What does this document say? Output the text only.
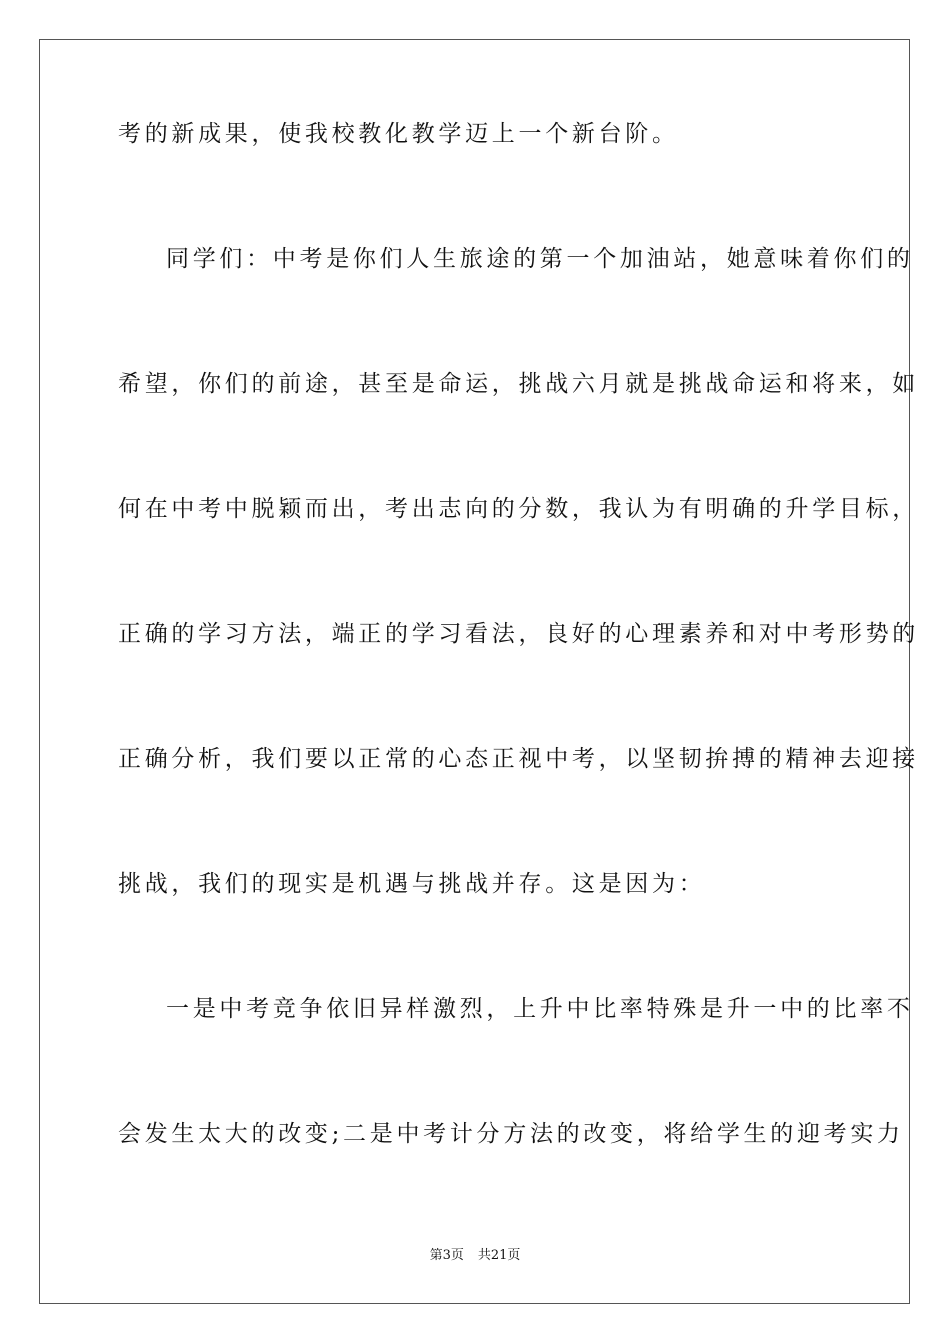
考的新成果，使我校教化教学迈上一个新台阶。
同学们：中考是你们人生旅途的第一个加油站，她意味着你们的
希望，你们的前途，甚至是命运，挑战六月就是挑战命运和将来，如
何在中考中脱颖而出，考出志向的分数，我认为有明确的升学目标，
正确的学习方法，端正的学习看法，良好的心理素养和对中考形势的
正确分析，我们要以正常的心态正视中考，以坚韧拚搏的精神去迎接
挑战，我们的现实是机遇与挑战并存。这是因为：
一是中考竞争依旧异样激烈，上升中比率特殊是升一中的比率不
会发生太大的改变;二是中考计分方法的改变，将给学生的迎考实力
第3页 共21页
